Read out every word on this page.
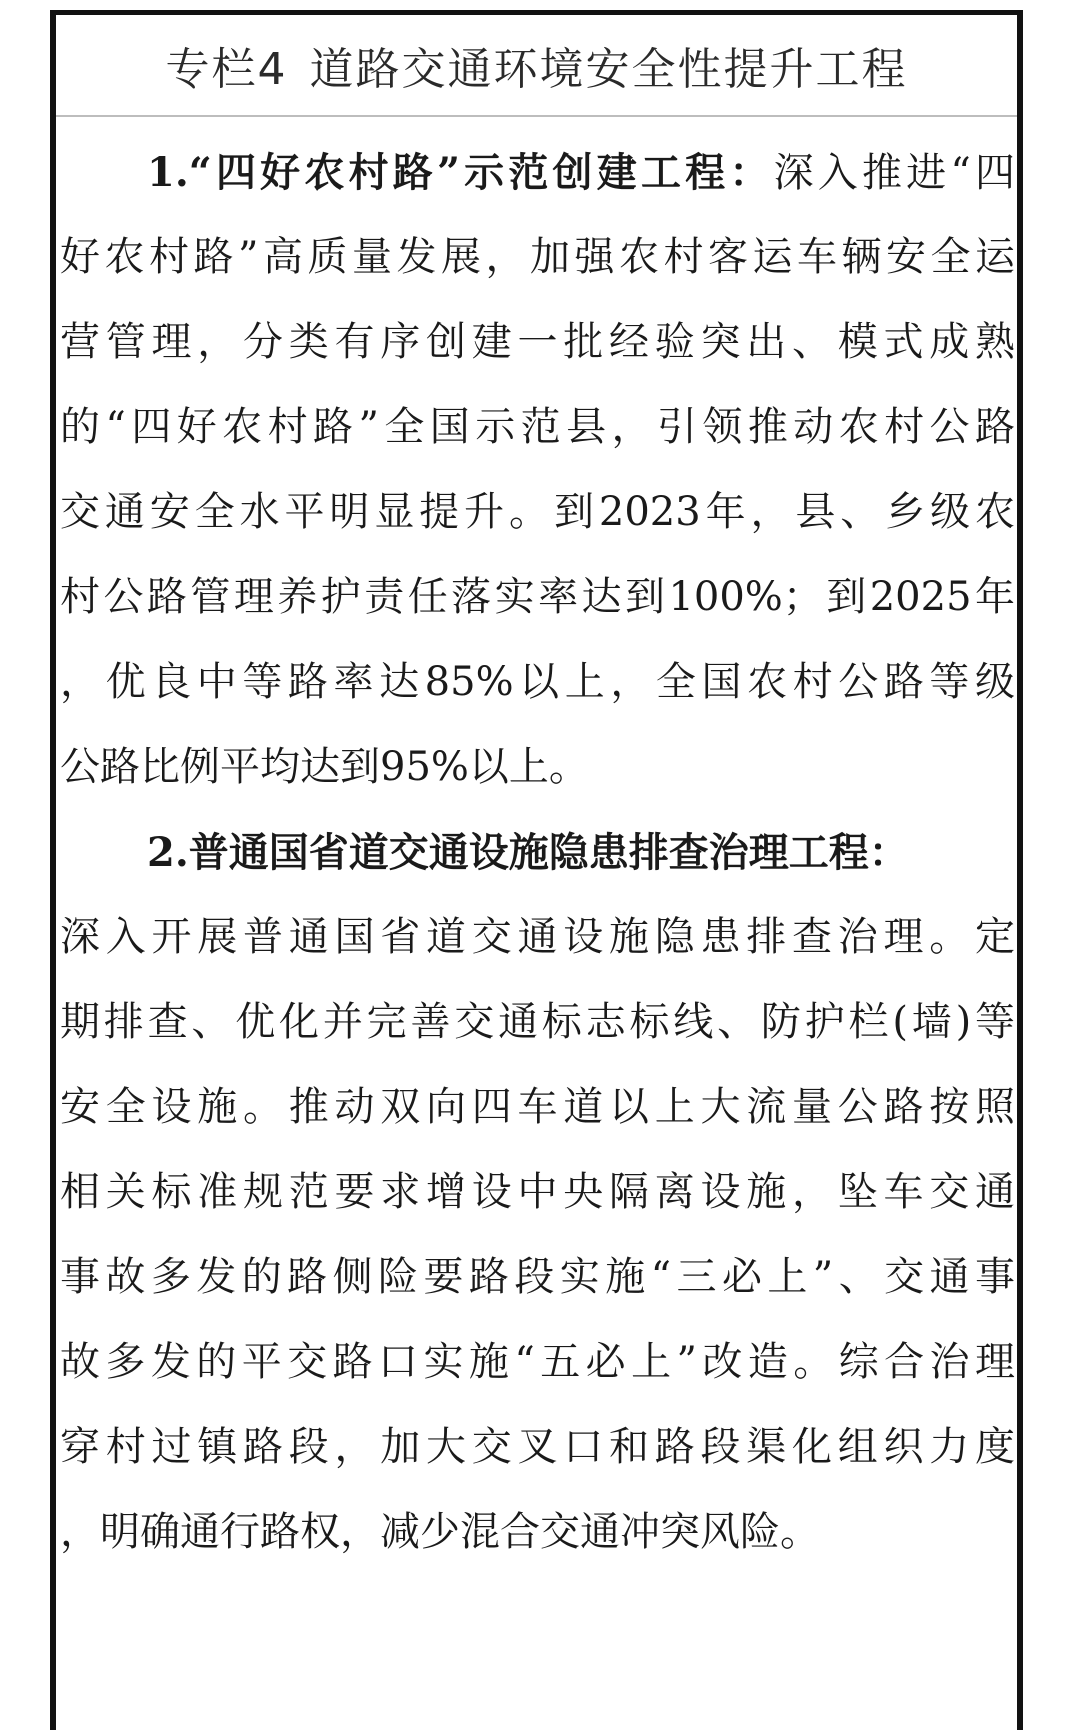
专栏4 道路交通环境安全性提升工程
1.“四好农村路”示范创建工程：深入推进“四
好农村路”高质量发展，加强农村客运车辆安全运
营管理，分类有序创建一批经验突出、模式成熟
的“四好农村路”全国示范县，引领推动农村公路
交通安全水平明显提升。到2023年，县、乡级农
村公路管理养护责任落实率达到100%；到2025年
，优良中等路率达85%以上，全国农村公路等级
公路比例平均达到95%以上。
2.普通国省道交通设施隐患排查治理工程：
深入开展普通国省道交通设施隐患排查治理。定
期排查、优化并完善交通标志标线、防护栏(墙)等
安全设施。推动双向四车道以上大流量公路按照
相关标准规范要求增设中央隔离设施，坠车交通
事故多发的路侧险要路段实施“三必上”、交通事
故多发的平交路口实施“五必上”改造。综合治理
穿村过镇路段，加大交叉口和路段渠化组织力度
，明确通行路权，减少混合交通冲突风险。
